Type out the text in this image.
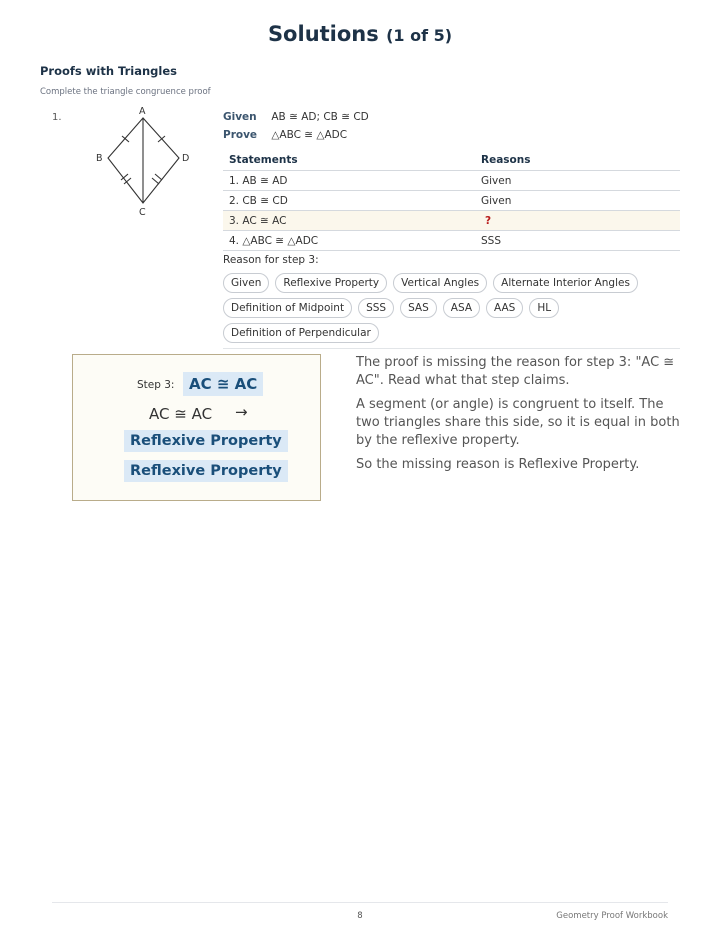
Solutions (1 of 5)
Proofs with Triangles
Complete the triangle congruence proof
1.
A
B	D
C
Given AB ≅ AD; CB ≅ CD
Prove △ABC ≅ △ADC
Statements	Reasons
1. AB ≅ AD	Given
2. CB ≅ CD	Given
3. AC ≅ AC	?
4. △ABC ≅ △ADC	SSS
Reason for step 3:
Given	Reflexive Property	Vertical Angles	Alternate Interior Angles
Definition of Midpoint	SSS	SAS	ASA	AAS	HL
Definition of Perpendicular
Step 3: AC ≅ AC
AC ≅ AC →
Reflexive Property
Reflexive Property

The proof is missing the reason for step 3: "AC ≅ AC". Read what that step claims.

A segment (or angle) is congruent to itself. The two triangles share this side, so it is equal in both by the reflexive property.

So the missing reason is Reflexive Property.

8	Geometry Proof Workbook
